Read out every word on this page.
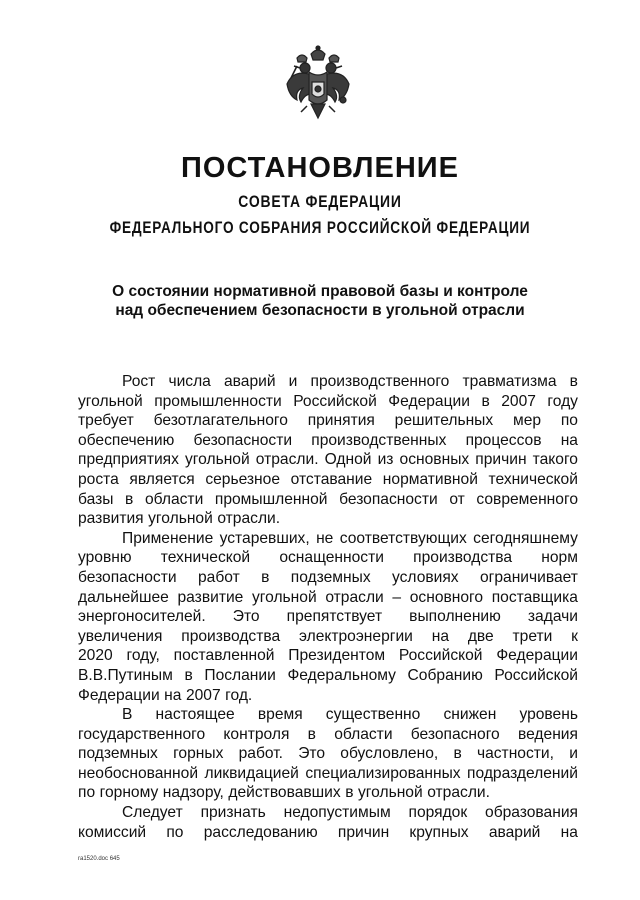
ПОСТАНОВЛЕНИЕ
СОВЕТА ФЕДЕРАЦИИ
ФЕДЕРАЛЬНОГО СОБРАНИЯ РОССИЙСКОЙ ФЕДЕРАЦИИ
О состоянии нормативной правовой базы и контроле
над обеспечением безопасности в угольной отрасли
Рост числа аварий и производственного травматизма в
угольной промышленности Российской Федерации в 2007 году
требует безотлагательного принятия решительных мер по
обеспечению безопасности производственных процессов на
предприятиях угольной отрасли. Одной из основных причин такого
роста является серьезное отставание нормативной технической
базы в области промышленной безопасности от современного
развития угольной отрасли.
Применение устаревших, не соответствующих сегодняшнему
уровню технической оснащенности производства норм
безопасности работ в подземных условиях ограничивает
дальнейшее развитие угольной отрасли – основного поставщика
энергоносителей. Это препятствует выполнению задачи
увеличения производства электроэнергии на две трети к
2020 году, поставленной Президентом Российской Федерации
В.В.Путиным в Послании Федеральному Собранию Российской
Федерации на 2007 год.
В настоящее время существенно снижен уровень
государственного контроля в области безопасного ведения
подземных горных работ. Это обусловлено, в частности, и
необоснованной ликвидацией специализированных подразделений
по горному надзору, действовавших в угольной отрасли.
Следует признать недопустимым порядок образования
комиссий по расследованию причин крупных аварий на
ra1520.doc 645
